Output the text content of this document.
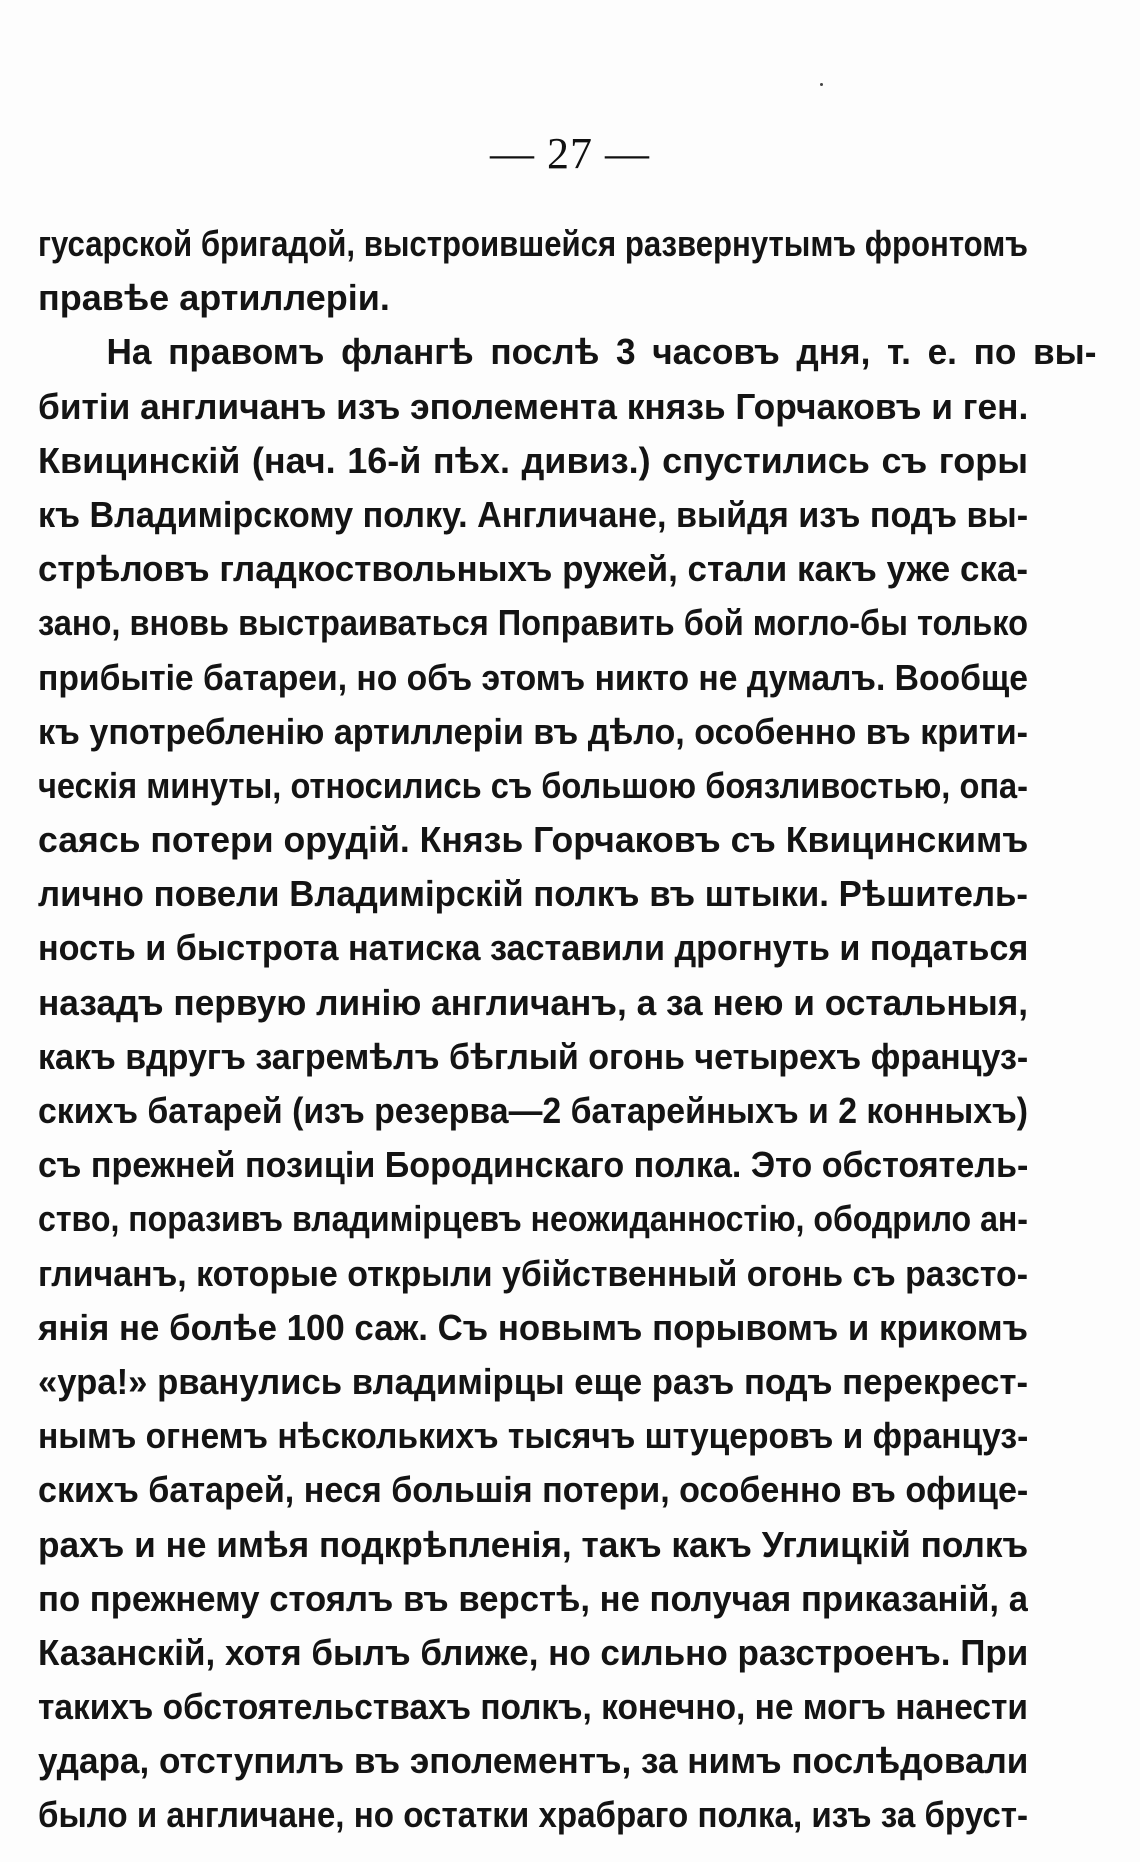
— 27 —
гусарской бригадой, выстроившейся развернутымъ фронтомъ
правѣе артиллеріи.
На правомъ флангѣ послѣ 3 часовъ дня, т. е. по вы-
битіи англичанъ изъ эполемента князь Горчаковъ и ген.
Квицинскій (нач. 16-й пѣх. дивиз.) спустились съ горы
къ Владимірскому полку. Англичане, выйдя изъ подъ вы-
стрѣловъ гладкоствольныхъ ружей, стали какъ уже ска-
зано, вновь выстраиваться Поправить бой могло-бы только
прибытіе батареи, но объ этомъ никто не думалъ. Вообще
къ употребленію артиллеріи въ дѣло, особенно въ крити-
ческія минуты, относились съ большою боязливостью, опа-
саясь потери орудій. Князь Горчаковъ съ Квицинскимъ
лично повели Владимірскій полкъ въ штыки. Рѣшитель-
ность и быстрота натиска заставили дрогнуть и податься
назадъ первую линію англичанъ, а за нею и остальныя,
какъ вдругъ загремѣлъ бѣглый огонь четырехъ француз-
скихъ батарей (изъ резерва—2 батарейныхъ и 2 конныхъ)
съ прежней позиціи Бородинскаго полка. Это обстоятель-
ство, поразивъ владимірцевъ неожиданностію, ободрило ан-
гличанъ, которые открыли убійственный огонь съ разсто-
янія не болѣе 100 саж. Съ новымъ порывомъ и крикомъ
«ура!» рванулись владимірцы еще разъ подъ перекрест-
нымъ огнемъ нѣсколькихъ тысячъ штуцеровъ и француз-
скихъ батарей, неся большія потери, особенно въ офице-
рахъ и не имѣя подкрѣпленія, такъ какъ Углицкій полкъ
по прежнему стоялъ въ верстѣ, не получая приказаній, а
Казанскій, хотя былъ ближе, но сильно разстроенъ. При
такихъ обстоятельствахъ полкъ, конечно, не могъ нанести
удара, отступилъ въ эполементъ, за нимъ послѣдовали
было и англичане, но остатки храбраго полка, изъ за бруст-
